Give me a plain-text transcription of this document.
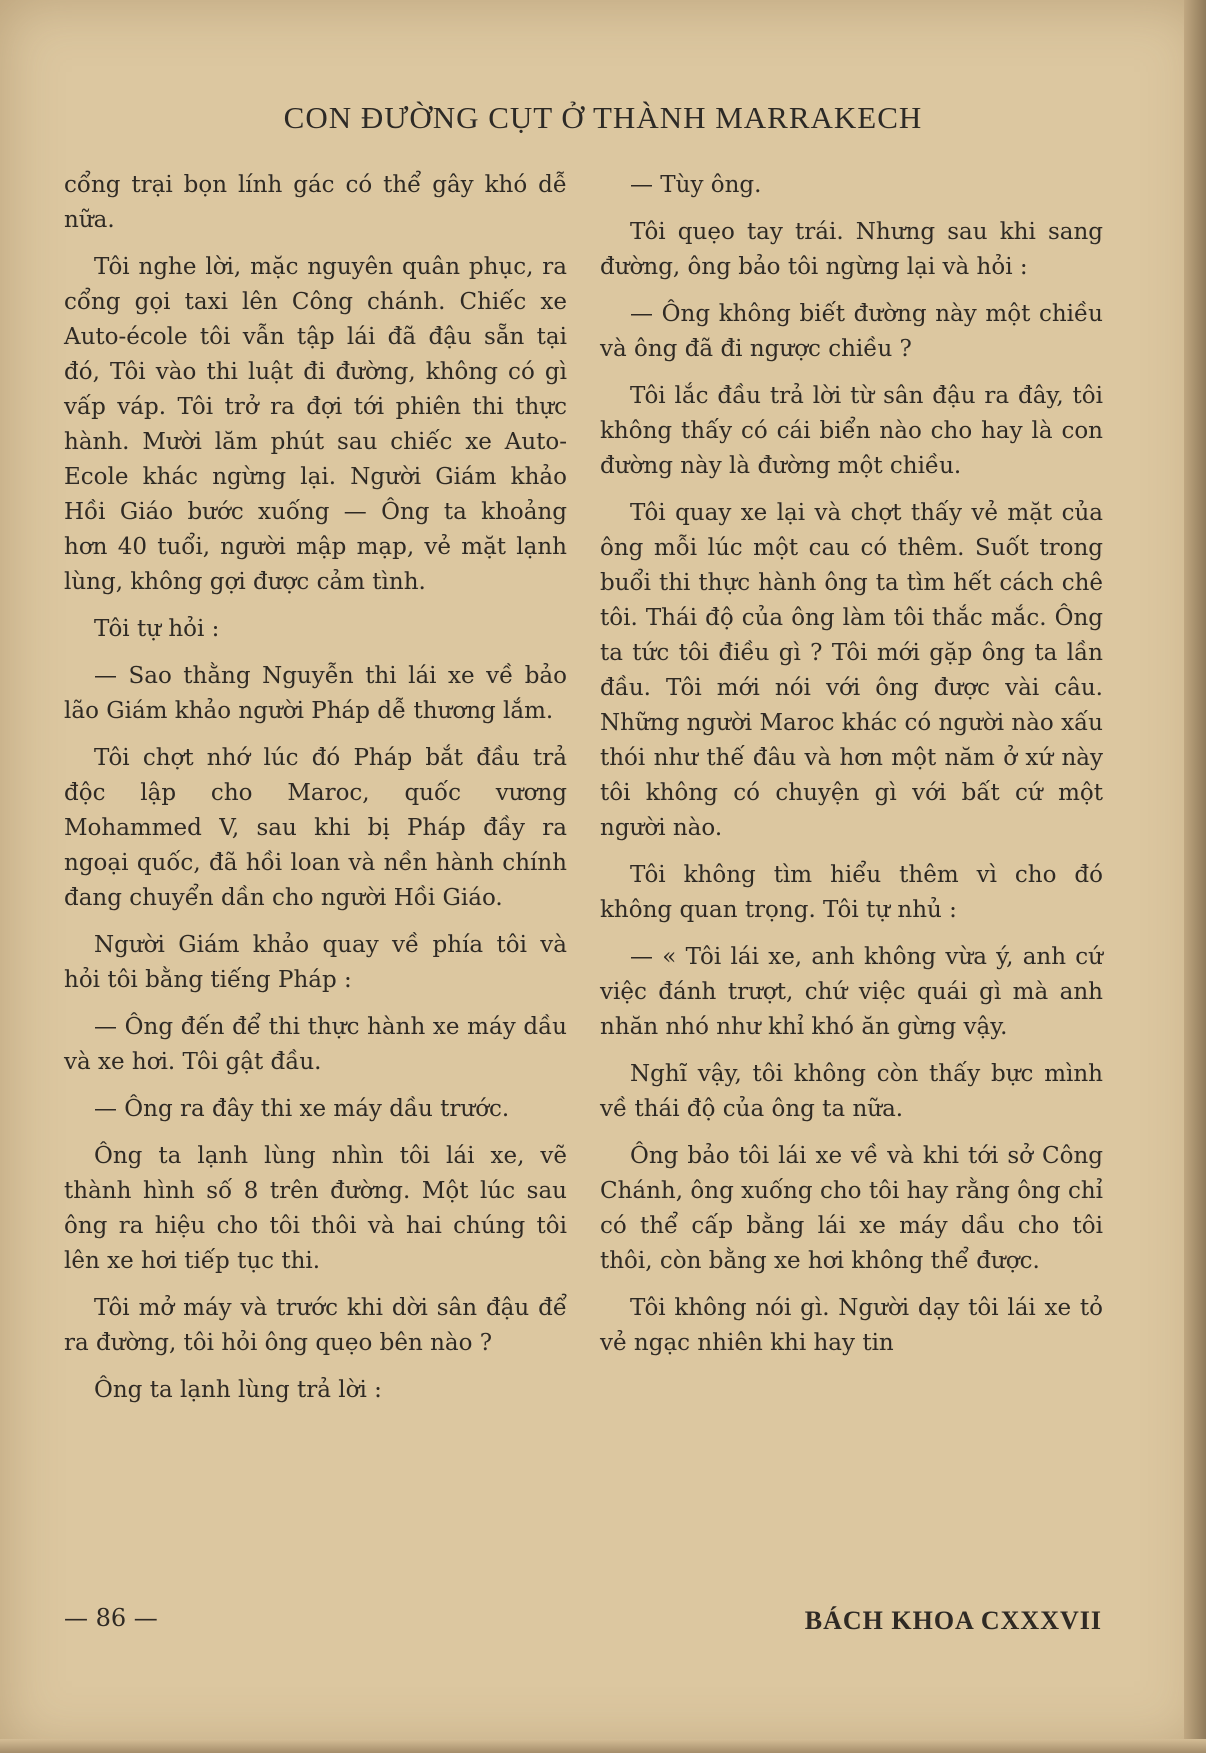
CON ĐƯỜNG CỤT Ở THÀNH MARRAKECH

cổng trại bọn lính gác có thể gây khó dễ nữa.

Tôi nghe lời, mặc nguyên quân phục, ra cổng gọi taxi lên Công chánh. Chiếc xe Auto-école tôi vẫn tập lái đã đậu sẵn tại đó, Tôi vào thi luật đi đường, không có gì vấp váp. Tôi trở ra đợi tới phiên thi thực hành. Mười lăm phút sau chiếc xe Auto-Ecole khác ngừng lại. Người Giám khảo Hồi Giáo bước xuống — Ông ta khoảng hơn 40 tuổi, người mập mạp, vẻ mặt lạnh lùng, không gợi được cảm tình.

Tôi tự hỏi :

— Sao thằng Nguyễn thi lái xe về bảo lão Giám khảo người Pháp dễ thương lắm.

Tôi chợt nhớ lúc đó Pháp bắt đầu trả độc lập cho Maroc, quốc vương Mohammed V, sau khi bị Pháp đầy ra ngoại quốc, đã hồi loan và nền hành chính đang chuyển dần cho người Hồi Giáo.

Người Giám khảo quay về phía tôi và hỏi tôi bằng tiếng Pháp :

— Ông đến để thi thực hành xe máy dầu và xe hơi. Tôi gật đầu.

— Ông ra đây thi xe máy dầu trước.

Ông ta lạnh lùng nhìn tôi lái xe, vẽ thành hình số 8 trên đường. Một lúc sau ông ra hiệu cho tôi thôi và hai chúng tôi lên xe hơi tiếp tục thi.

Tôi mở máy và trước khi dời sân đậu để ra đường, tôi hỏi ông quẹo bên nào ?

Ông ta lạnh lùng trả lời :

— Tùy ông.

Tôi quẹo tay trái. Nhưng sau khi sang đường, ông bảo tôi ngừng lại và hỏi :

— Ông không biết đường này một chiều và ông đã đi ngược chiều ?

Tôi lắc đầu trả lời từ sân đậu ra đây, tôi không thấy có cái biển nào cho hay là con đường này là đường một chiều.

Tôi quay xe lại và chợt thấy vẻ mặt của ông mỗi lúc một cau có thêm. Suốt trong buổi thi thực hành ông ta tìm hết cách chê tôi. Thái độ của ông làm tôi thắc mắc. Ông ta tức tôi điều gì ? Tôi mới gặp ông ta lần đầu. Tôi mới nói với ông được vài câu. Những người Maroc khác có người nào xấu thói như thế đâu và hơn một năm ở xứ này tôi không có chuyện gì với bất cứ một người nào.

Tôi không tìm hiểu thêm vì cho đó không quan trọng. Tôi tự nhủ :

— « Tôi lái xe, anh không vừa ý, anh cứ việc đánh trượt, chứ việc quái gì mà anh nhăn nhó như khỉ khó ăn gừng vậy.

Nghĩ vậy, tôi không còn thấy bực mình về thái độ của ông ta nữa.

Ông bảo tôi lái xe về và khi tới sở Công Chánh, ông xuống cho tôi hay rằng ông chỉ có thể cấp bằng lái xe máy dầu cho tôi thôi, còn bằng xe hơi không thể được.

Tôi không nói gì. Người dạy tôi lái xe tỏ vẻ ngạc nhiên khi hay tin

— 86 —	BÁCH KHOA CXXXVII
